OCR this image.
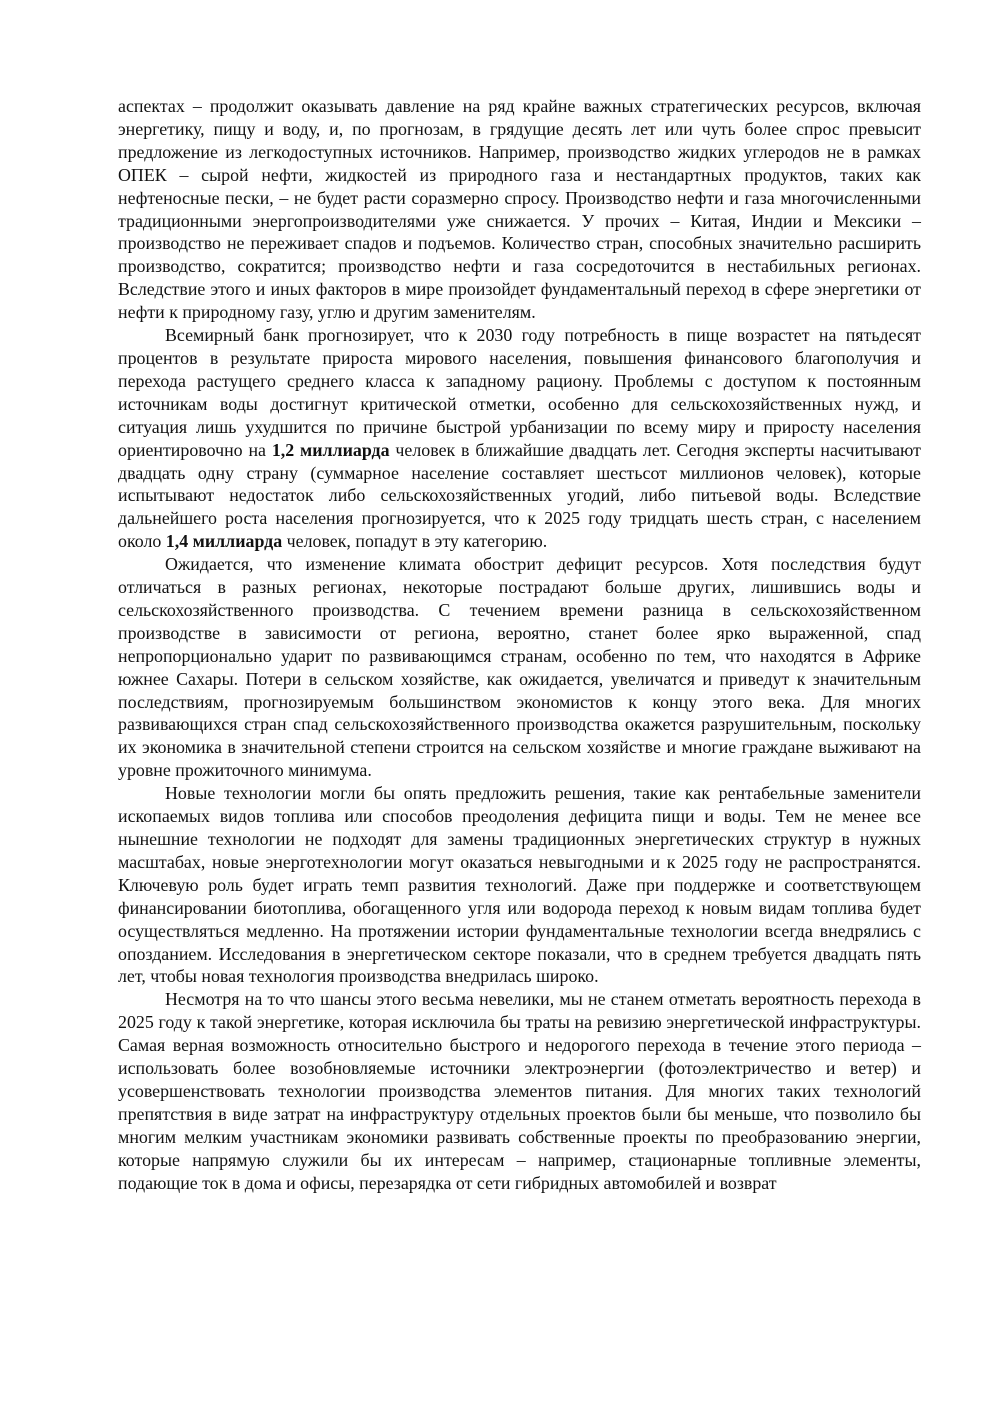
аспектах – продолжит оказывать давление на ряд крайне важных стратегических ресурсов, включая энергетику, пищу и воду, и, по прогнозам, в грядущие десять лет или чуть более спрос превысит предложение из легкодоступных источников. Например, производство жидких углеродов не в рамках ОПЕК – сырой нефти, жидкостей из природного газа и нестандартных продуктов, таких как нефтеносные пески, – не будет расти соразмерно спросу. Производство нефти и газа многочисленными традиционными энергопроизводителями уже снижается. У прочих – Китая, Индии и Мексики – производство не переживает спадов и подъемов. Количество стран, способных значительно расширить производство, сократится; производство нефти и газа сосредоточится в нестабильных регионах. Вследствие этого и иных факторов в мире произойдет фундаментальный переход в сфере энергетики от нефти к природному газу, углю и другим заменителям.

Всемирный банк прогнозирует, что к 2030 году потребность в пище возрастет на пятьдесят процентов в результате прироста мирового населения, повышения финансового благополучия и перехода растущего среднего класса к западному рациону. Проблемы с доступом к постоянным источникам воды достигнут критической отметки, особенно для сельскохозяйственных нужд, и ситуация лишь ухудшится по причине быстрой урбанизации по всему миру и приросту населения ориентировочно на 1,2 миллиарда человек в ближайшие двадцать лет. Сегодня эксперты насчитывают двадцать одну страну (суммарное население составляет шестьсот миллионов человек), которые испытывают недостаток либо сельскохозяйственных угодий, либо питьевой воды. Вследствие дальнейшего роста населения прогнозируется, что к 2025 году тридцать шесть стран, с населением около 1,4 миллиарда человек, попадут в эту категорию.

Ожидается, что изменение климата обострит дефицит ресурсов. Хотя последствия будут отличаться в разных регионах, некоторые пострадают больше других, лишившись воды и сельскохозяйственного производства. С течением времени разница в сельскохозяйственном производстве в зависимости от региона, вероятно, станет более ярко выраженной, спад непропорционально ударит по развивающимся странам, особенно по тем, что находятся в Африке южнее Сахары. Потери в сельском хозяйстве, как ожидается, увеличатся и приведут к значительным последствиям, прогнозируемым большинством экономистов к концу этого века. Для многих развивающихся стран спад сельскохозяйственного производства окажется разрушительным, поскольку их экономика в значительной степени строится на сельском хозяйстве и многие граждане выживают на уровне прожиточного минимума.

Новые технологии могли бы опять предложить решения, такие как рентабельные заменители ископаемых видов топлива или способов преодоления дефицита пищи и воды. Тем не менее все нынешние технологии не подходят для замены традиционных энергетических структур в нужных масштабах, новые энерготехнологии могут оказаться невыгодными и к 2025 году не распространятся. Ключевую роль будет играть темп развития технологий. Даже при поддержке и соответствующем финансировании биотоплива, обогащенного угля или водорода переход к новым видам топлива будет осуществляться медленно. На протяжении истории фундаментальные технологии всегда внедрялись с опозданием. Исследования в энергетическом секторе показали, что в среднем требуется двадцать пять лет, чтобы новая технология производства внедрилась широко.

Несмотря на то что шансы этого весьма невелики, мы не станем отметать вероятность перехода в 2025 году к такой энергетике, которая исключила бы траты на ревизию энергетической инфраструктуры. Самая верная возможность относительно быстрого и недорогого перехода в течение этого периода – использовать более возобновляемые источники электроэнергии (фотоэлектричество и ветер) и усовершенствовать технологии производства элементов питания. Для многих таких технологий препятствия в виде затрат на инфраструктуру отдельных проектов были бы меньше, что позволило бы многим мелким участникам экономики развивать собственные проекты по преобразованию энергии, которые напрямую служили бы их интересам – например, стационарные топливные элементы, подающие ток в дома и офисы, перезарядка от сети гибридных автомобилей и возврат
